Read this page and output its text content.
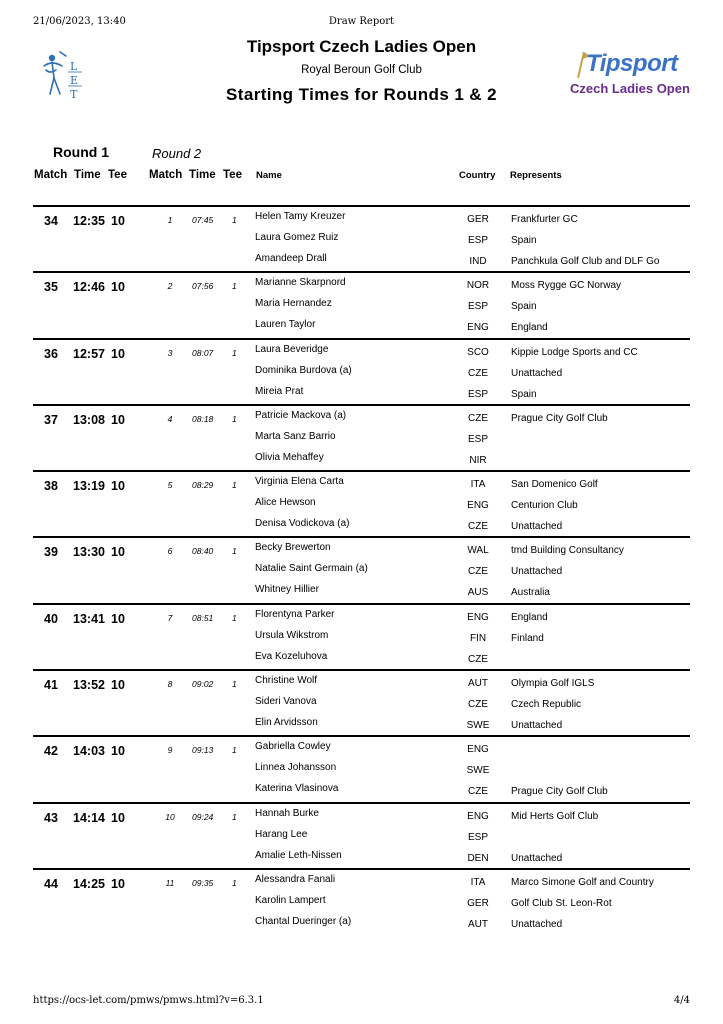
21/06/2023, 13:40	Draw Report
L
E
T
Tipsport Czech Ladies Open
Royal Beroun Golf Club
Starting Times for Rounds 1 & 2
Tipsport
Czech Ladies Open
Round 1	Round 2
Match Time Tee Match Time Tee Name	Country Represents
34 12:35 10	1	07:45 1 Helen Tamy Kreuzer	GER	Frankfurter GC
Laura Gomez Ruiz	ESP	Spain
Amandeep Drall	IND	Panchkula Golf Club and DLF Go
35 12:46 10	2	07:56 1 Marianne Skarpnord	NOR	Moss Rygge GC Norway
Maria Hernandez	ESP	Spain
Lauren Taylor	ENG	England
36 12:57 10	3	08:07 1 Laura Beveridge	SCO	Kippie Lodge Sports and CC
Dominika Burdova (a)	CZE	Unattached
Mireia Prat	ESP	Spain
37 13:08 10	4	08:18 1 Patricie Mackova (a)	CZE	Prague City Golf Club
Marta Sanz Barrio	ESP
Olivia Mehaffey	NIR
38 13:19 10	5	08:29 1 Virginia Elena Carta	ITA	San Domenico Golf
Alice Hewson	ENG	Centurion Club
Denisa Vodickova (a)	CZE	Unattached
39 13:30 10	6	08:40 1 Becky Brewerton	WAL	tmd Building Consultancy
Natalie Saint Germain (a)	CZE	Unattached
Whitney Hillier	AUS	Australia
40 13:41 10	7	08:51 1 Florentyna Parker	ENG	England
Ursula Wikstrom	FIN	Finland
Eva Kozeluhova	CZE
41 13:52 10	8	09:02 1 Christine Wolf	AUT	Olympia Golf IGLS
Sideri Vanova	CZE	Czech Republic
Elin Arvidsson	SWE	Unattached
42 14:03 10	9	09:13 1 Gabriella Cowley	ENG
Linnea Johansson	SWE
Katerina Vlasinova	CZE	Prague City Golf Club
43 14:14 10	10 09:24 1 Hannah Burke	ENG	Mid Herts Golf Club
Harang Lee	ESP
Amalie Leth-Nissen	DEN	Unattached
44 14:25 10	11 09:35 1 Alessandra Fanali	ITA	Marco Simone Golf and Country
Karolin Lampert	GER	Golf Club St. Leon-Rot
Chantal Dueringer (a)	AUT	Unattached
https://ocs-let.com/pmws/pmws.html?v=6.3.1	4/4
